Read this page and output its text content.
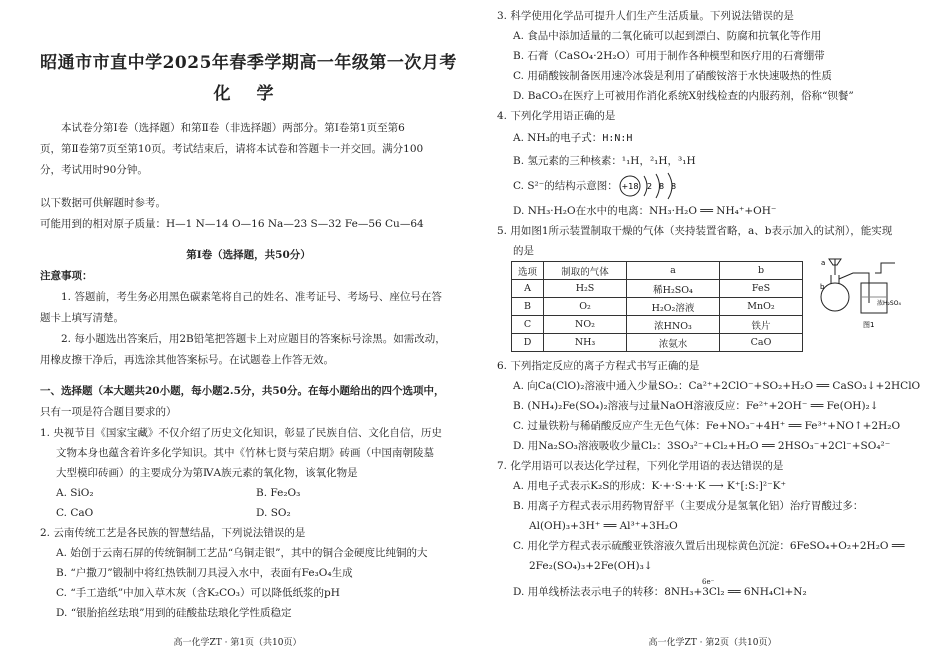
昭通市市直中学2025年春季学期高一年级第一次月考
化 学
本试卷分第Ⅰ卷（选择题）和第Ⅱ卷（非选择题）两部分。第Ⅰ卷第1页至第6
页，第Ⅱ卷第7页至第10页。考试结束后，请将本试卷和答题卡一并交回。满分100
分，考试用时90分钟。
以下数据可供解题时参考。
可能用到的相对原子质量：H—1 N—14 O—16 Na—23 S—32 Fe—56 Cu—64
第Ⅰ卷（选择题，共50分）
注意事项：
1. 答题前，考生务必用黑色碳素笔将自己的姓名、准考证号、考场号、座位号在答
题卡上填写清楚。
2. 每小题选出答案后，用2B铅笔把答题卡上对应题目的答案标号涂黑。如需改动，
用橡皮擦干净后，再选涂其他答案标号。在试题卷上作答无效。
一、选择题（本大题共20小题，每小题2.5分，共50分。在每小题给出的四个选项中，
只有一项是符合题目要求的）
1. 央视节目《国家宝藏》不仅介绍了历史文化知识，彰显了民族自信、文化自信，历史
文物本身也蕴含着许多化学知识。其中《竹林七贤与荣启期》砖画（中国南朝陵墓
大型模印砖画）的主要成分为第ⅣA族元素的氧化物，该氧化物是
A. SiO₂	B. Fe₂O₃
C. CaO	D. SO₂
2. 云南传统工艺是各民族的智慧结晶，下列说法错误的是
A. 始创于云南石屏的传统铜制工艺品“乌铜走银”，其中的铜合金硬度比纯铜的大
B. “户撒刀”锻制中将红热铁制刀具浸入水中，表面有Fe₃O₄生成
C. “手工造纸”中加入草木灰（含K₂CO₃）可以降低纸浆的pH
D. “银胎掐丝珐琅”用到的硅酸盐珐琅化学性质稳定
高一化学ZT · 第1页（共10页）
3. 科学使用化学品可提升人们生产生活质量。下列说法错误的是
A. 食品中添加适量的二氧化硫可以起到漂白、防腐和抗氧化等作用
B. 石膏（CaSO₄·2H₂O）可用于制作各种模型和医疗用的石膏绷带
C. 用硝酸铵制备医用速冷冰袋是利用了硝酸铵溶于水快速吸热的性质
D. BaCO₃在医疗上可被用作消化系统X射线检查的内服药剂，俗称“钡餐”
4. 下列化学用语正确的是
A. NH₃的电子式：H:N:H
B. 氢元素的三种核素：¹₁H，²₁H，³₁H
C. S²⁻的结构示意图： +18 2 8 8
D. NH₃·H₂O在水中的电离：NH₃·H₂O ══ NH₄⁺+OH⁻
5. 用如图1所示装置制取干燥的气体（夹持装置省略，a、b表示加入的试剂），能实现
的是
选项	制取的气体	a	b
A	H₂S	稀H₂SO₄	FeS
B	O₂	H₂O₂溶液	MnO₂
C	NO₂	浓HNO₃	铁片
D	NH₃	浓氨水	CaO
a
b
浓H₂SO₄
图1
6. 下列指定反应的离子方程式书写正确的是
A. 向Ca(ClO)₂溶液中通入少量SO₂：Ca²⁺+2ClO⁻+SO₂+H₂O ══ CaSO₃↓+2HClO
B. (NH₄)₂Fe(SO₄)₂溶液与过量NaOH溶液反应：Fe²⁺+2OH⁻ ══ Fe(OH)₂↓
C. 过量铁粉与稀硝酸反应产生无色气体：Fe+NO₃⁻+4H⁺ ══ Fe³⁺+NO↑+2H₂O
D. 用Na₂SO₃溶液吸收少量Cl₂：3SO₃²⁻+Cl₂+H₂O ══ 2HSO₃⁻+2Cl⁻+SO₄²⁻
7. 化学用语可以表达化学过程，下列化学用语的表达错误的是
A. 用电子式表示K₂S的形成：K·+·S·+·K ⟶ K⁺[:S:]²⁻K⁺
B. 用离子方程式表示用药物胃舒平（主要成分是氢氧化铝）治疗胃酸过多：
Al(OH)₃+3H⁺ ══ Al³⁺+3H₂O
C. 用化学方程式表示硫酸亚铁溶液久置后出现棕黄色沉淀：6FeSO₄+O₂+2H₂O ══
2Fe₂(SO₄)₃+2Fe(OH)₃↓
6e⁻
D. 用单线桥法表示电子的转移：8NH₃+3Cl₂ ══ 6NH₄Cl+N₂
高一化学ZT · 第2页（共10页）
